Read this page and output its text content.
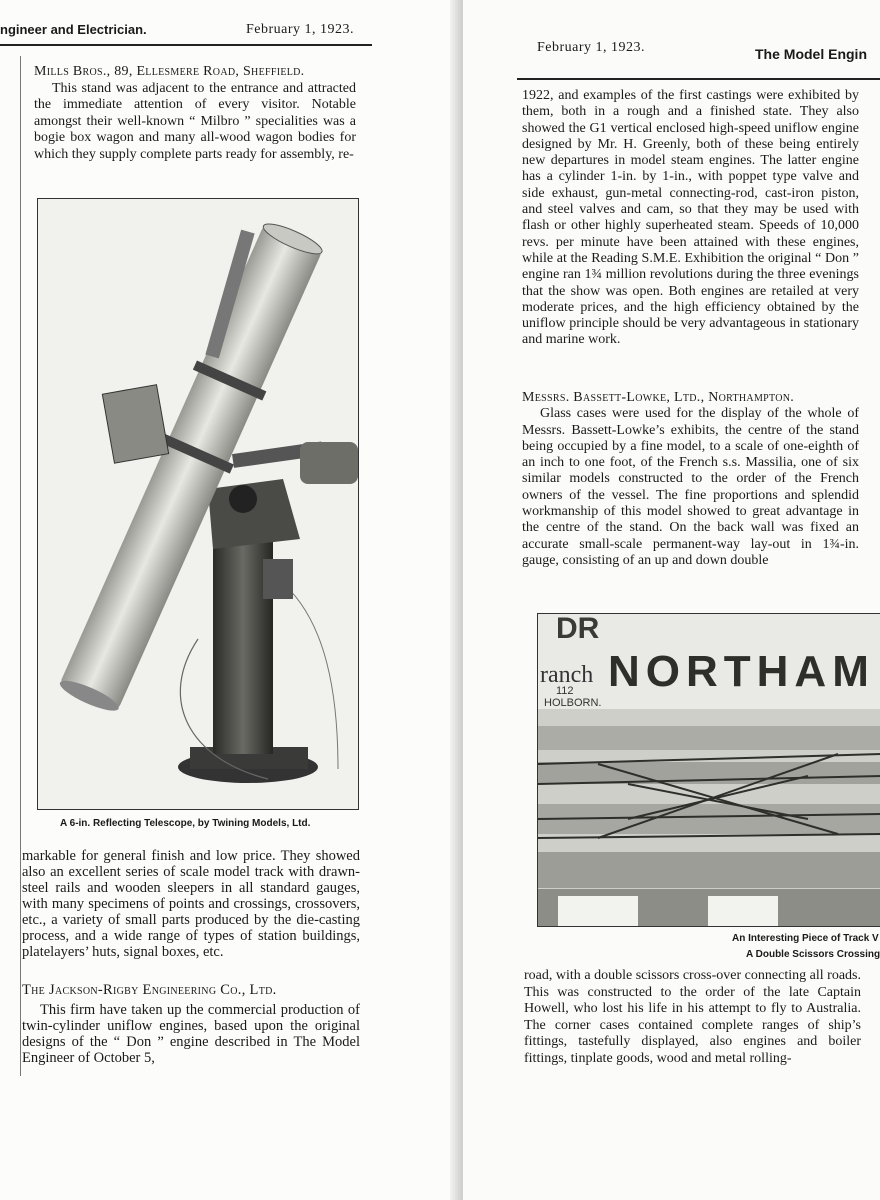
ngineer and Electrician.	February 1, 1923.

Mills Bros., 89, Ellesmere Road, Sheffield.

This stand was adjacent to the entrance and attracted the immediate attention of every visitor. Notable amongst their well-known “ Milbro ” specialities was a bogie box wagon and many all-wood wagon bodies for which they supply complete parts ready for assembly, re-

A 6-in. Reflecting Telescope, by Twining Models, Ltd.

markable for general finish and low price. They showed also an excellent series of scale model track with drawn-steel rails and wooden sleepers in all standard gauges, with many specimens of points and crossings, crossovers, etc., a variety of small parts produced by the die-casting process, and a wide range of types of station buildings, platelayers’ huts, signal boxes, etc.

The Jackson-Rigby Engineering Co., Ltd.

This firm have taken up the commercial production of twin-cylinder uniflow engines, based upon the original designs of the “ Don ” engine described in The Model Engineer of October 5,

February 1, 1923.	The Model Engin

1922, and examples of the first castings were exhibited by them, both in a rough and a finished state. They also showed the G1 vertical enclosed high-speed uniflow engine designed by Mr. H. Greenly, both of these being entirely new departures in model steam engines. The latter engine has a cylinder 1-in. by 1-in., with poppet type valve and side exhaust, gun-metal connecting-rod, cast-iron piston, and steel valves and cam, so that they may be used with flash or other highly superheated steam. Speeds of 10,000 revs. per minute have been attained with these engines, while at the Reading S.M.E. Exhibition the original “ Don ” engine ran 1¾ million revolutions during the three evenings that the show was open. Both engines are retailed at very moderate prices, and the high efficiency obtained by the uniflow principle should be very advantageous in stationary and marine work.

Messrs. Bassett-Lowke, Ltd., Northampton.

Glass cases were used for the display of the whole of Messrs. Bassett-Lowke’s exhibits, the centre of the stand being occupied by a fine model, to a scale of one-eighth of an inch to one foot, of the French s.s. Massilia, one of six similar models constructed to the order of the French owners of the vessel. The fine proportions and splendid workmanship of this model showed to great advantage in the centre of the stand. On the back wall was fixed an accurate small-scale permanent-way lay-out in 1¾-in. gauge, consisting of an up and down double

DR
NORTHAM
ranch
112
HOLBORN.
An Interesting Piece of Track V
A Double Scissors Crossing

road, with a double scissors cross-over connecting all roads. This was constructed to the order of the late Captain Howell, who lost his life in his attempt to fly to Australia. The corner cases contained complete ranges of ship’s fittings, tastefully displayed, also engines and boiler fittings, tinplate goods, wood and metal rolling-
